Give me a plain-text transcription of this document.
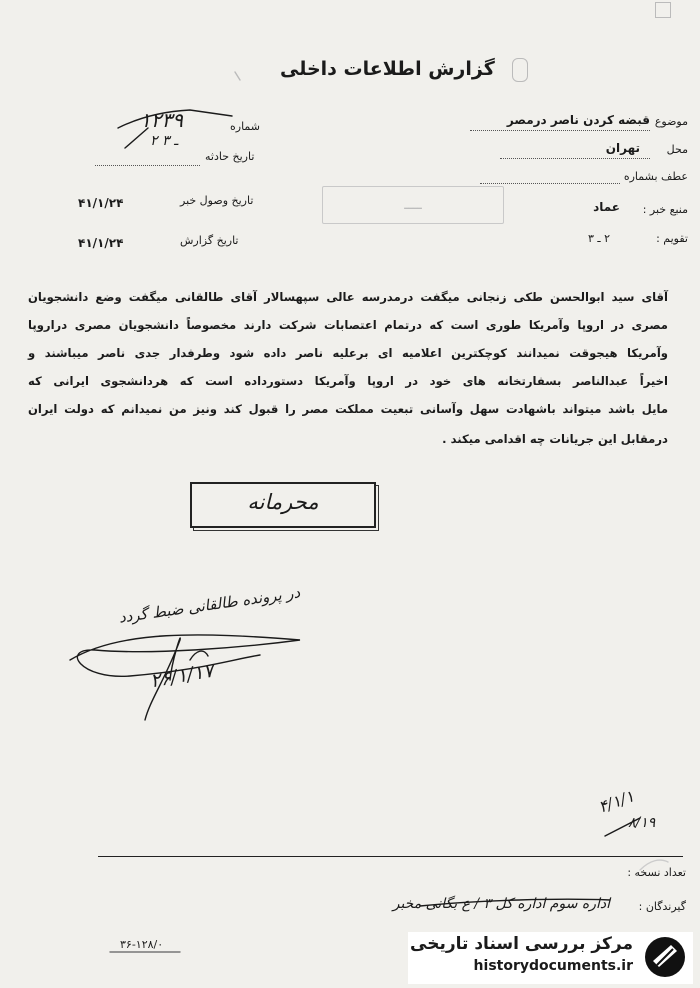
گزارش اطلاعات داخلی
موضوع
قبضه کردن ناصر درمصر
محل
تهران
عطف بشماره
منبع خبر :
عماد
تقویم :
۲ ـ ۳
ــــ
شماره
۱۲۳۹
۲ ـ ۳
تاریخ حادثه
تاریخ وصول خبر
۴۱/۱/۲۴
تاریخ گزارش
۴۱/۱/۲۴
آقای سید ابوالحسن طکی زنجانی میگفت درمدرسه عالی سپهسالار آقای طالقانی میگفت وضع دانشجویان
مصری در اروپا وآمریکا طوری است که درتمام اعتصابات شرکت دارند مخصوصاً دانشجویان مصری دراروپا
وآمریکا هیجوقت نمیدانند کوچکترین اعلامیه ای برعلیه ناصر داده شود وطرفدار جدی ناصر میباشند و
اخیراً عبدالناصر بسفارتخانه های خود در اروپا وآمریکا دستورداده است که هردانشجوی ایرانی که
مایل باشد میتواند باشهادت سهل وآسانی تبعیت مملکت مصر را قبول کند ونیز من نمیدانم که دولت ایران
درمقابل این جریانات چه اقدامی میکند .
محرمانه
در پرونده طالقانی ضبط گردد
۲۶/۱/۱۷
۴/۱/۱
۸/۱۹
تعداد نسخه :
گیرندگان :
اداره سوم اداره کل ۳ / ع بگانی مخبر
۳۶-۱۲۸/۰	مرکز بررسی اسناد تاریخی
historydocuments.ir
